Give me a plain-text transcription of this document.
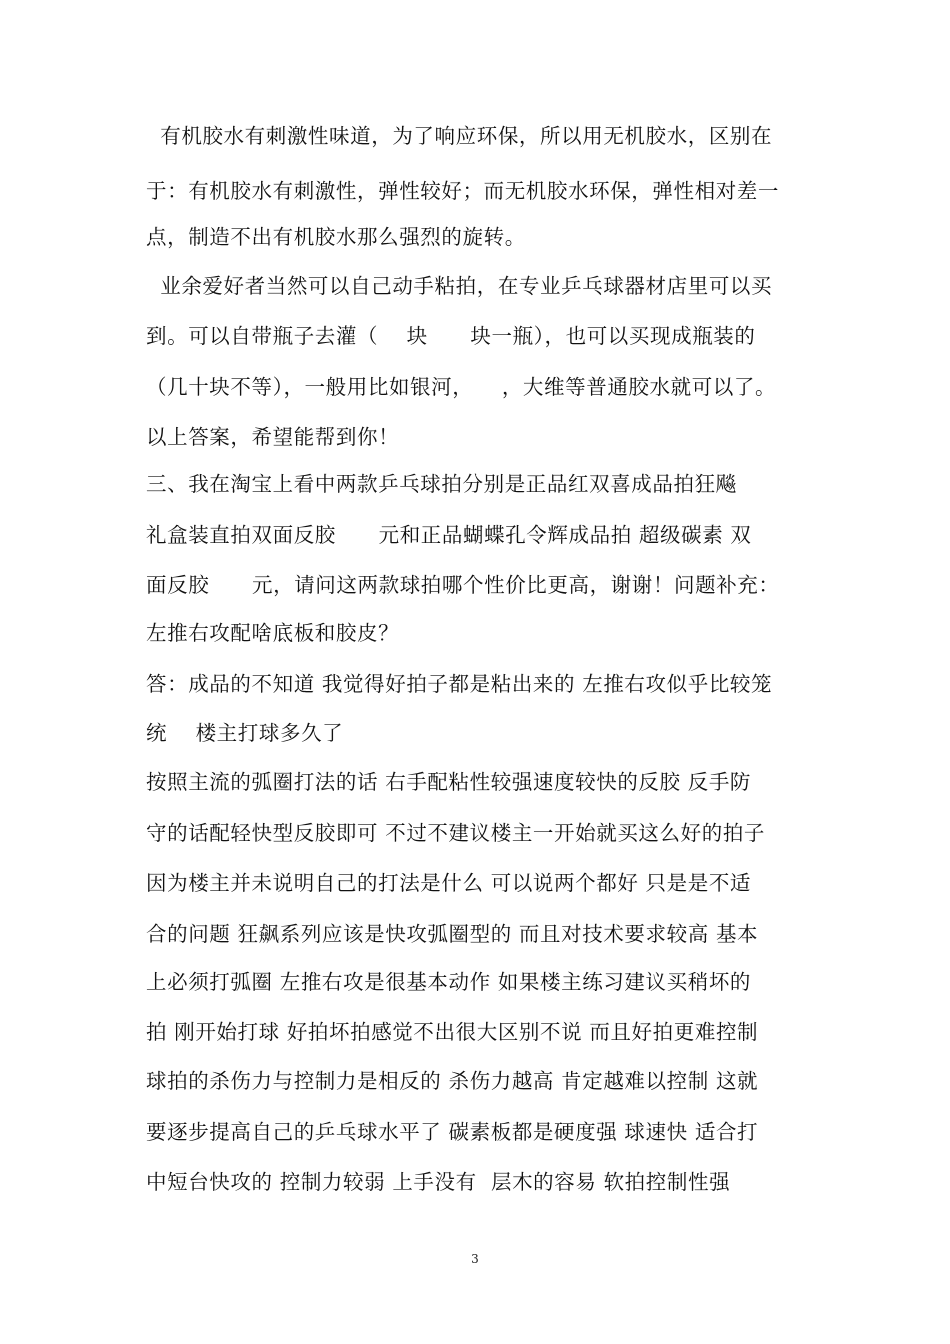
有机胶水有刺激性味道，为了响应环保，所以用无机胶水，区别在
于：有机胶水有刺激性，弹性较好；而无机胶水环保，弹性相对差一
点，制造不出有机胶水那么强烈的旋转。
业余爱好者当然可以自己动手粘拍，在专业乒乓球器材店里可以买
到。可以自带瓶子去灌（    块      块一瓶），也可以买现成瓶装的
（几十块不等），一般用比如银河，    ，大维等普通胶水就可以了。
以上答案，希望能帮到你！
三、我在淘宝上看中两款乒乓球拍分别是正品红双喜成品拍狂飚
礼盒装直拍双面反胶      元和正品蝴蝶孔令辉成品拍 超级碳素 双
面反胶      元，请问这两款球拍哪个性价比更高，谢谢！问题补充：
左推右攻配啥底板和胶皮？
答：成品的不知道 我觉得好拍子都是粘出来的 左推右攻似乎比较笼
统    楼主打球多久了
按照主流的弧圈打法的话 右手配粘性较强速度较快的反胶 反手防
守的话配轻快型反胶即可 不过不建议楼主一开始就买这么好的拍子
因为楼主并未说明自己的打法是什么 可以说两个都好 只是是不适
合的问题 狂飙系列应该是快攻弧圈型的 而且对技术要求较高 基本
上必须打弧圈 左推右攻是很基本动作 如果楼主练习建议买稍坏的
拍 刚开始打球 好拍坏拍感觉不出很大区别不说 而且好拍更难控制
球拍的杀伤力与控制力是相反的 杀伤力越高 肯定越难以控制 这就
要逐步提高自己的乒乓球水平了 碳素板都是硬度强 球速快 适合打
中短台快攻的 控制力较弱 上手没有  层木的容易 软拍控制性强
3
